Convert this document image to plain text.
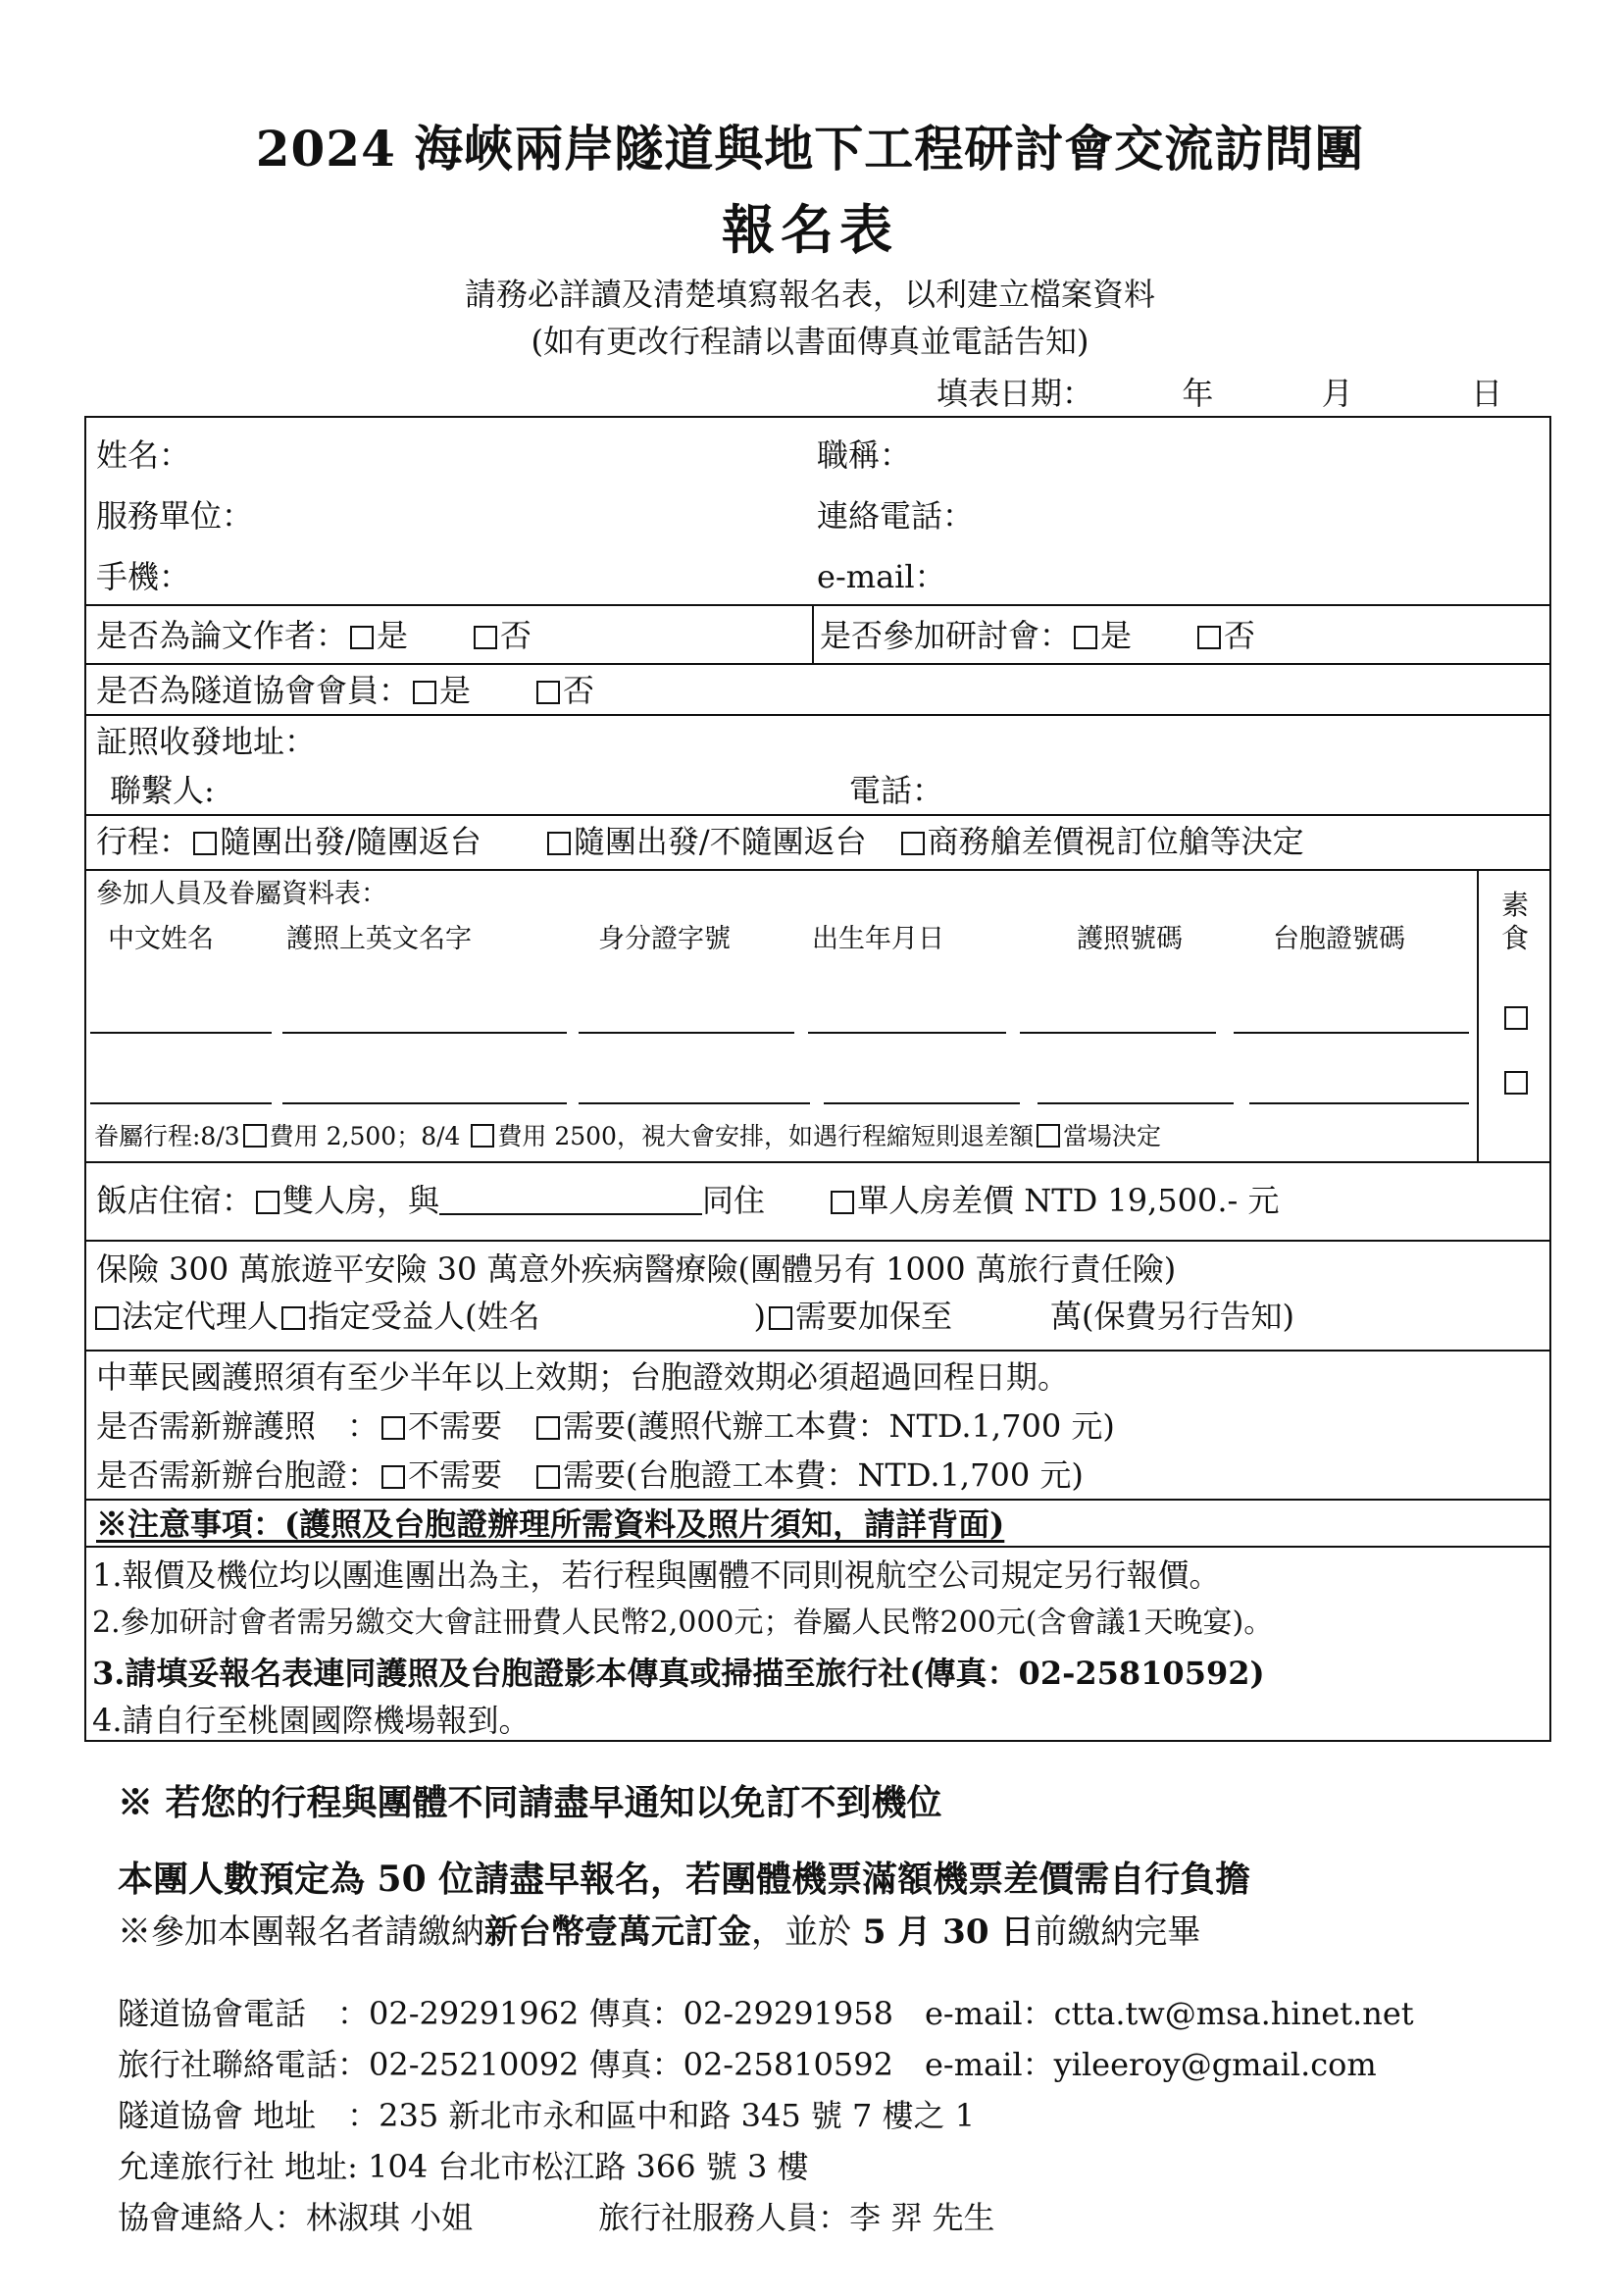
2024 海峽兩岸隧道與地下工程研討會交流訪問團
報名表
請務必詳讀及清楚填寫報名表，以利建立檔案資料
(如有更改行程請以書面傳真並電話告知)
填表日期：	年	月	日
姓名：	職稱：
服務單位：	連絡電話：
手機：	e-mail：
是否為論文作者： 是　　	否	是否參加研討會： 是　　	否
是否為隧道協會會員： 是　　	否
証照收發地址：
聯繫人:	電話：
行程： 隨團出發/隨團返台　　	隨團出發/不隨團返台　 商務艙差價視訂位艙等決定
參加人員及眷屬資料表：
中文姓名	護照上英文名字	身分證字號	出生年月日	護照號碼	台胞證號碼
素食
眷屬行程:8/3 費用 2,500；8/4 費用 2500，視大會安排，如遇行程縮短則退差額 當場決定
飯店住宿： 雙人房，與	同住　　	單人房差價 NTD 19,500.- 元
保險 300 萬旅遊平安險 30 萬意外疾病醫療險(團體另有 1000 萬旅行責任險)
法定代理人 指定受益人(姓名	) 需要加保至	萬(保費另行告知)
中華民國護照須有至少半年以上效期；台胞證效期必須超過回程日期。
是否需新辦護照　： 不需要　 需要(護照代辦工本費：NTD.1,700 元)
是否需新辦台胞證： 不需要　 需要(台胞證工本費：NTD.1,700 元)
※注意事項：(護照及台胞證辦理所需資料及照片須知，請詳背面)
1.報價及機位均以團進團出為主，若行程與團體不同則視航空公司規定另行報價。
2.參加研討會者需另繳交大會註冊費人民幣2,000元；眷屬人民幣200元(含會議1天晚宴)。
3.請填妥報名表連同護照及台胞證影本傳真或掃描至旅行社(傳真：02-25810592)
4.請自行至桃園國際機場報到。
※ 若您的行程與團體不同請盡早通知以免訂不到機位
本團人數預定為 50 位請盡早報名，若團體機票滿額機票差價需自行負擔
※參加本團報名者請繳納新台幣壹萬元訂金，並於 5 月 30 日前繳納完畢
隧道協會電話　：02-29291962 傳真：02-29291958　e-mail：ctta.tw@msa.hinet.net
旅行社聯絡電話：02-25210092 傳真：02-25810592　e-mail：yileeroy@gmail.com
隧道協會 地址　：235 新北市永和區中和路 345 號 7 樓之 1
允達旅行社 地址: 104 台北市松江路 366 號 3 樓
協會連絡人：林淑琪 小姐　　　　旅行社服務人員：李 羿 先生
